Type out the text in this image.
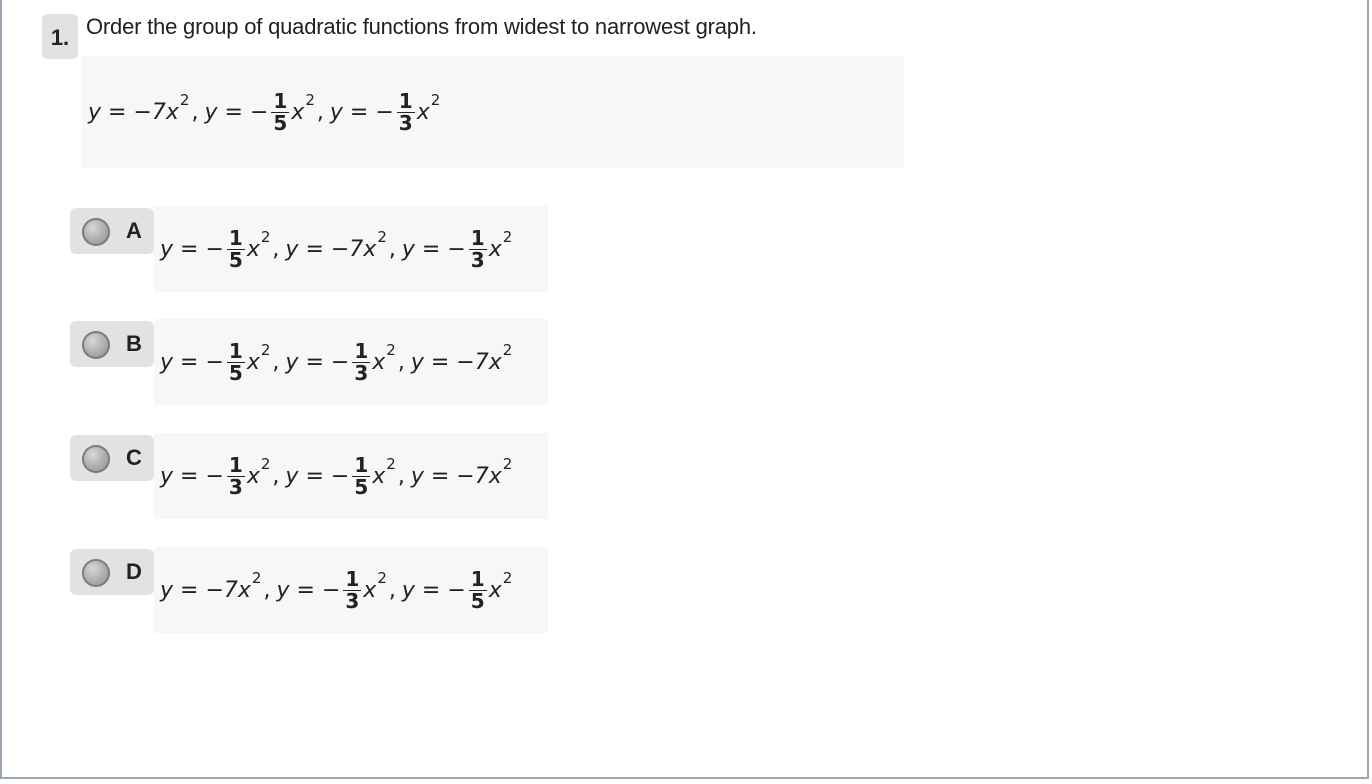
1. Order the group of quadratic functions from widest to narrowest graph.
y = −7x 2 , y = − $\frac{1}{5}$ x 2 , y = − $\frac{1}{3}$ x 2
A
y = − $\frac{1}{5}$ x 2 , y = −7x 2 , y = − $\frac{1}{3}$ x 2
B
y = − $\frac{1}{5}$ x 2 , y = − $\frac{1}{3}$ x 2 , y = −7x 2
C
y = − $\frac{1}{3}$ x 2 , y = − $\frac{1}{5}$ x 2 , y = −7x 2
D
y = −7x 2 , y = − $\frac{1}{3}$ x 2 , y = − $\frac{1}{5}$ x 2
